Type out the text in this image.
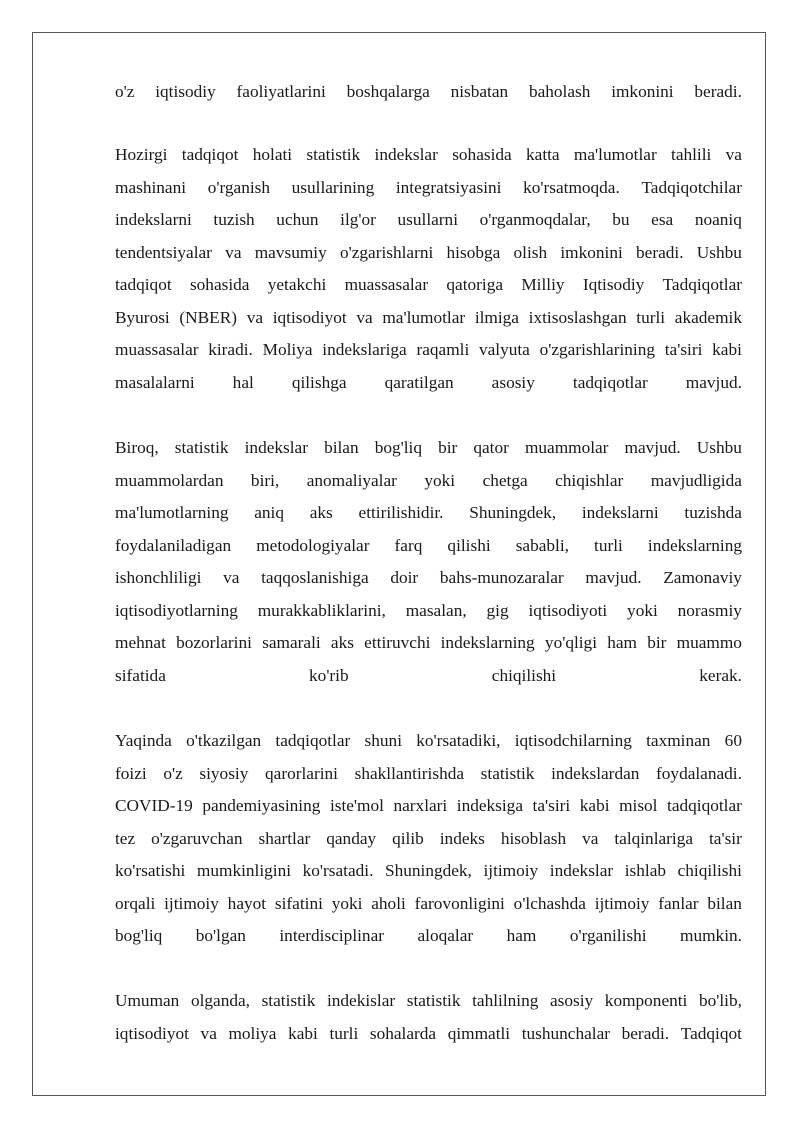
o'z iqtisodiy faoliyatlarini boshqalarga nisbatan baholash imkonini beradi.
Hozirgi tadqiqot holati statistik indekslar sohasida katta ma'lumotlar tahlili va
mashinani o'rganish usullarining integratsiyasini ko'rsatmoqda. Tadqiqotchilar
indekslarni tuzish uchun ilg'or usullarni o'rganmoqdalar, bu esa noaniq
tendentsiyalar va mavsumiy o'zgarishlarni hisobga olish imkonini beradi. Ushbu
tadqiqot sohasida yetakchi muassasalar qatoriga Milliy Iqtisodiy Tadqiqotlar
Byurosi (NBER) va iqtisodiyot va ma'lumotlar ilmiga ixtisoslashgan turli akademik
muassasalar kiradi. Moliya indekslariga raqamli valyuta o'zgarishlarining ta'siri kabi
masalalarni hal qilishga qaratilgan asosiy tadqiqotlar mavjud.
Biroq, statistik indekslar bilan bog'liq bir qator muammolar mavjud. Ushbu
muammolardan biri, anomaliyalar yoki chetga chiqishlar mavjudligida
ma'lumotlarning aniq aks ettirilishidir. Shuningdek, indekslarni tuzishda
foydalaniladigan metodologiyalar farq qilishi sababli, turli indekslarning
ishonchliligi va taqqoslanishiga doir bahs-munozaralar mavjud. Zamonaviy
iqtisodiyotlarning murakkabliklarini, masalan, gig iqtisodiyoti yoki norasmiy
mehnat bozorlarini samarali aks ettiruvchi indekslarning yo'qligi ham bir muammo
sifatida	ko'rib	chiqilishi	kerak.
Yaqinda o'tkazilgan tadqiqotlar shuni ko'rsatadiki, iqtisodchilarning taxminan 60
foizi o'z siyosiy qarorlarini shakllantirishda statistik indekslardan foydalanadi.
COVID-19 pandemiyasining iste'mol narxlari indeksiga ta'siri kabi misol tadqiqotlar
tez o'zgaruvchan shartlar qanday qilib indeks hisoblash va talqinlariga ta'sir
ko'rsatishi mumkinligini ko'rsatadi. Shuningdek, ijtimoiy indekslar ishlab chiqilishi
orqali ijtimoiy hayot sifatini yoki aholi farovonligini o'lchashda ijtimoiy fanlar bilan
bog'liq bo'lgan interdisciplinar aloqalar ham o'rganilishi mumkin.
Umuman olganda, statistik indekislar statistik tahlilning asosiy komponenti bo'lib,
iqtisodiyot va moliya kabi turli sohalarda qimmatli tushunchalar beradi. Tadqiqot
